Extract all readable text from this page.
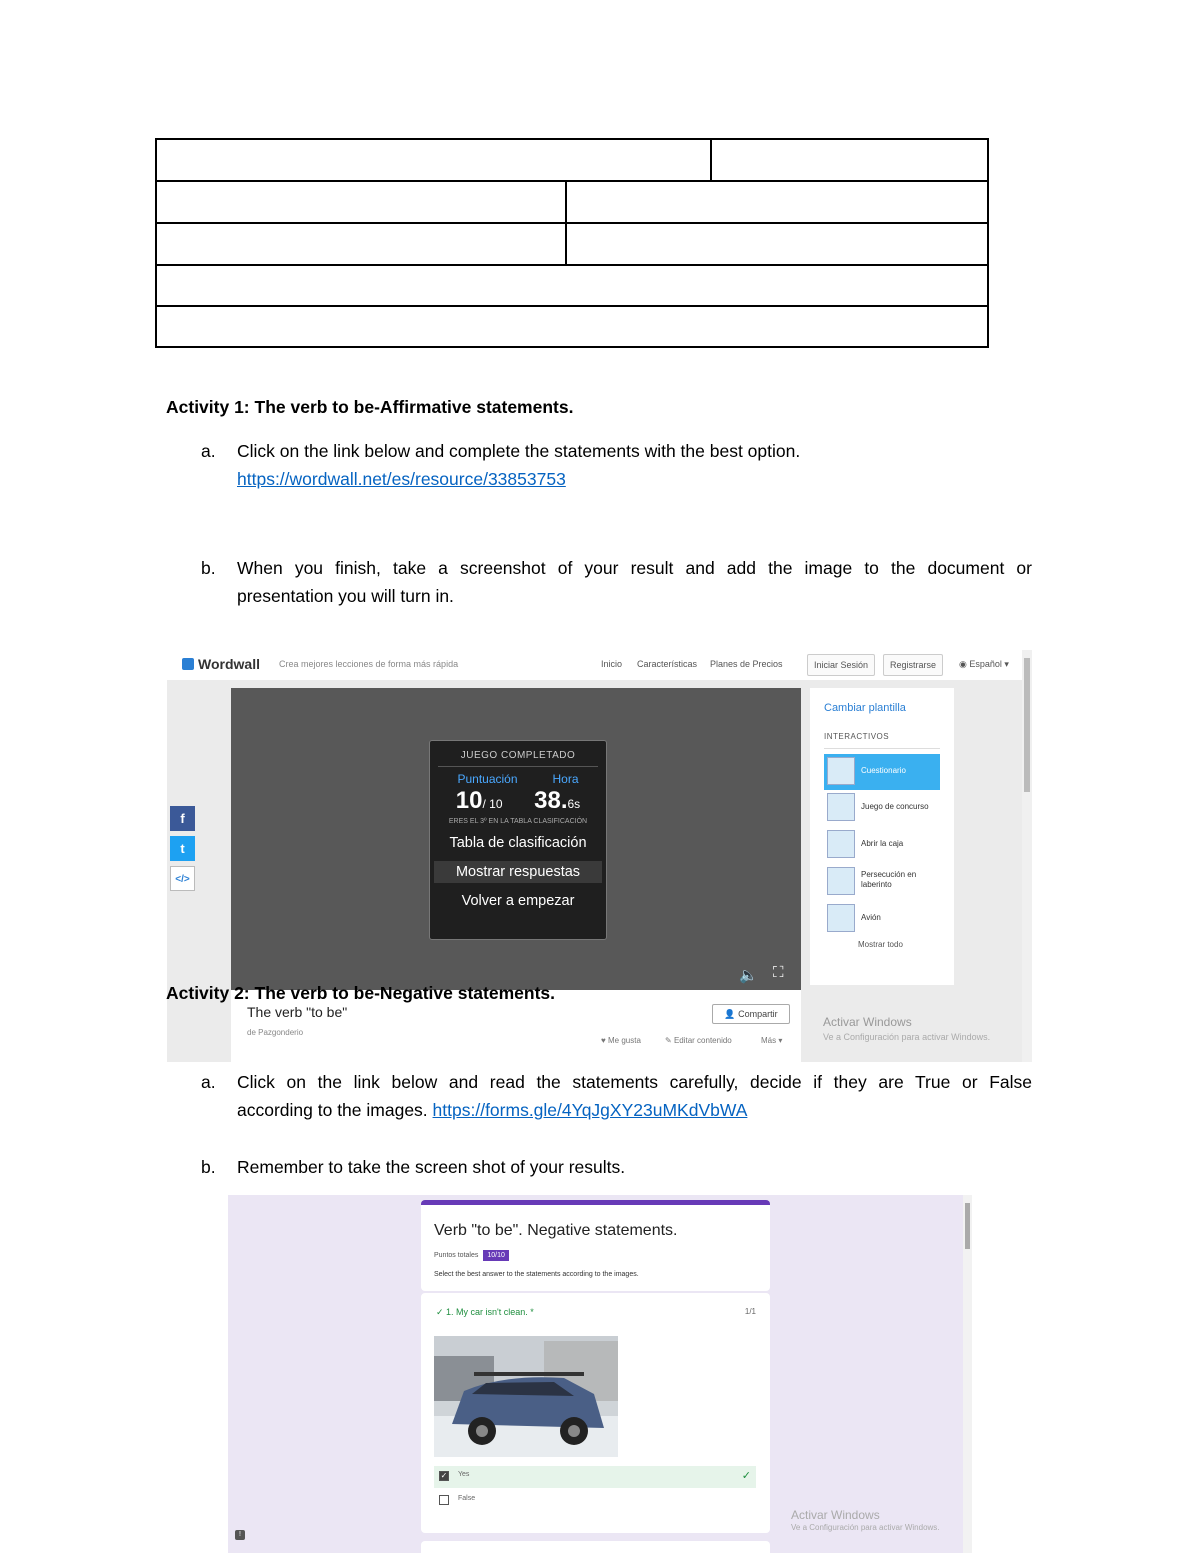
Activity 1: The verb to be-Affirmative statements.
a. Click on the link below and complete the statements with the best option.
https://wordwall.net/es/resource/33853753
b. When you finish, take a screenshot of your result and add the image to the document or
presentation you will turn in.
Wordwall Crea mejores lecciones de forma más rápida	Inicio Características Planes de Precios	Iniciar Sesión	Registrarse	◉ Español ▾
f
t
</>
JUEGO COMPLETADO
Puntuación	Hora
10/ 10 38.6s
ERES EL 3º EN LA TABLA CLASIFICACIÓN
Tabla de clasificación
Mostrar respuestas
Volver a empezar
🔈 ⛶
The verb "to be"
de Pazgonderio
👤 Compartir
♥ Me gusta	✎ Editar contenido	Más ▾
Cambiar plantilla
INTERACTIVOS
Cuestionario
Juego de concurso
Abrir la caja
Persecución en laberinto
Avión
Mostrar todo
Activar Windows
Ve a Configuración para activar Windows.
Activity 2: The verb to be-Negative statements.
a. Click on the link below and read the statements carefully, decide if they are True or False
according to the images. https://forms.gle/4YqJgXY23uMKdVbWA
b. Remember to take the screen shot of your results.
Verb "to be". Negative statements.
Puntos totales 10/10
Select the best answer to the statements according to the images.
✓ 1. My car isn't clean. *	1/1
✓ Yes	✓
False
Activar Windows
Ve a Configuración para activar Windows.
!
